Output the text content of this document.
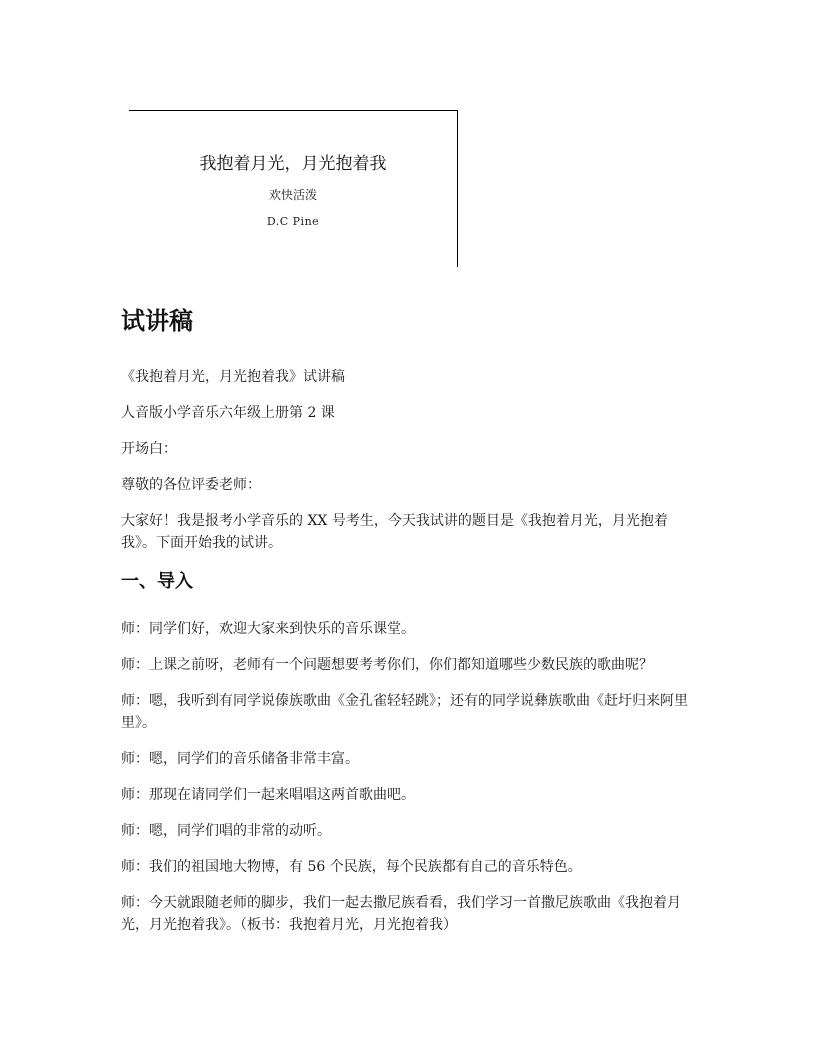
我抱着月光，月光抱着我
欢快活泼
D.C Pine
试讲稿

《我抱着月光，月光抱着我》试讲稿

人音版小学音乐六年级上册第 2 课

开场白：

尊敬的各位评委老师：

大家好！我是报考小学音乐的 XX 号考生，今天我试讲的题目是《我抱着月光，月光抱着我》。下面开始我的试讲。

一、导入

师：同学们好，欢迎大家来到快乐的音乐课堂。

师：上课之前呀，老师有一个问题想要考考你们，你们都知道哪些少数民族的歌曲呢？

师：嗯，我听到有同学说傣族歌曲《金孔雀轻轻跳》；还有的同学说彝族歌曲《赶圩归来阿里里》。

师：嗯，同学们的音乐储备非常丰富。

师：那现在请同学们一起来唱唱这两首歌曲吧。

师：嗯，同学们唱的非常的动听。

师：我们的祖国地大物博，有 56 个民族，每个民族都有自己的音乐特色。

师：今天就跟随老师的脚步，我们一起去撒尼族看看，我们学习一首撒尼族歌曲《我抱着月光，月光抱着我》。（板书：我抱着月光，月光抱着我）
